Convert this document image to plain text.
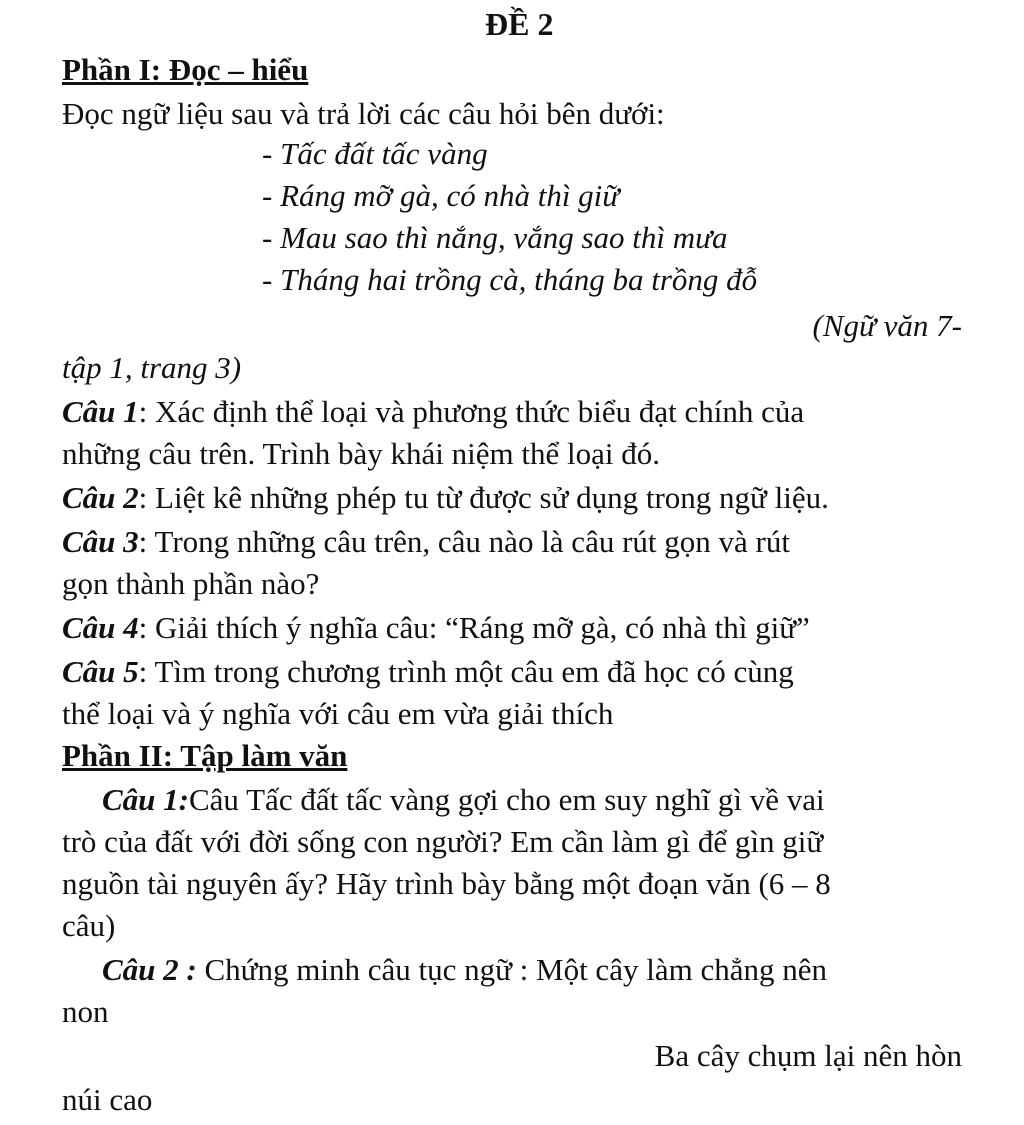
ĐỀ 2
Phần I: Đọc – hiểu
Đọc ngữ liệu sau và trả lời các câu hỏi bên dưới:
- Tấc đất tấc vàng
- Ráng mỡ gà, có nhà thì giữ
- Mau sao thì nắng, vắng sao thì mưa
- Tháng hai trồng cà, tháng ba trồng đỗ
(Ngữ văn 7-
tập 1, trang 3)
Câu 1: Xác định thể loại và phương thức biểu đạt chính của
những câu trên. Trình bày khái niệm thể loại đó.
Câu 2: Liệt kê những phép tu từ được sử dụng trong ngữ liệu.
Câu 3: Trong những câu trên, câu nào là câu rút gọn và rút
gọn thành phần nào?
Câu 4: Giải thích ý nghĩa câu: “Ráng mỡ gà, có nhà thì giữ”
Câu 5: Tìm trong chương trình một câu em đã học có cùng
thể loại và ý nghĩa với câu em vừa giải thích
Phần II: Tập làm văn
Câu 1:Câu Tấc đất tấc vàng gợi cho em suy nghĩ gì về vai
trò của đất với đời sống con người? Em cần làm gì để gìn giữ
nguồn tài nguyên ấy? Hãy trình bày bằng một đoạn văn (6 – 8
câu)
Câu 2 : Chứng minh câu tục ngữ : Một cây làm chẳng nên
non
Ba cây chụm lại nên hòn
núi cao
